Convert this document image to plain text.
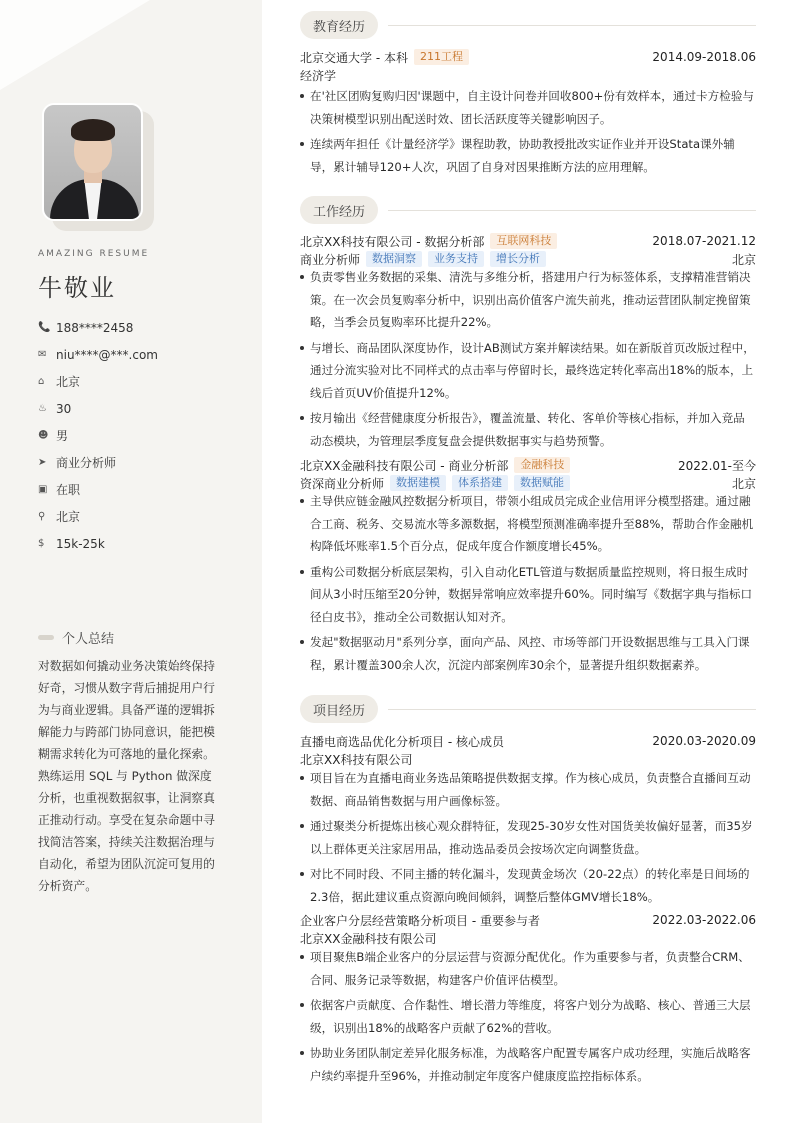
AMAZING RESUME
牛敬业
📞 188****2458
✉ niu****@***.com
⌂ 北京
♨ 30
☻ 男
➤ 商业分析师
▣ 在职
⚲ 北京
$ 15k-25k
个人总结
对数据如何撬动业务决策始终保持好奇，习惯从数字背后捕捉用户行为与商业逻辑。具备严谨的逻辑拆解能力与跨部门协同意识，能把模糊需求转化为可落地的量化探索。熟练运用 SQL 与 Python 做深度分析，也重视数据叙事，让洞察真正推动行动。享受在复杂命题中寻找简洁答案，持续关注数据治理与自动化，希望为团队沉淀可复用的分析资产。
教育经历
北京交通大学 - 本科	211工程	2014.09-2018.06
经济学
在'社区团购复购归因'课题中，自主设计问卷并回收800+份有效样本，通过卡方检验与决策树模型识别出配送时效、团长活跃度等关键影响因子。
连续两年担任《计量经济学》课程助教，协助教授批改实证作业并开设Stata课外辅导，累计辅导120+人次，巩固了自身对因果推断方法的应用理解。
工作经历
北京XX科技有限公司 - 数据分析部	互联网科技	2018.07-2021.12
商业分析师	数据洞察	业务支持	增长分析	北京
负责零售业务数据的采集、清洗与多维分析，搭建用户行为标签体系，支撑精准营销决策。在一次会员复购率分析中，识别出高价值客户流失前兆，推动运营团队制定挽留策略，当季会员复购率环比提升22%。
与增长、商品团队深度协作，设计AB测试方案并解读结果。如在新版首页改版过程中，通过分流实验对比不同样式的点击率与停留时长，最终选定转化率高出18%的版本，上线后首页UV价值提升12%。
按月输出《经营健康度分析报告》，覆盖流量、转化、客单价等核心指标，并加入竞品动态模块，为管理层季度复盘会提供数据事实与趋势预警。
北京XX金融科技有限公司 - 商业分析部	金融科技	2022.01-至今
资深商业分析师	数据建模	体系搭建	数据赋能	北京
主导供应链金融风控数据分析项目，带领小组成员完成企业信用评分模型搭建。通过融合工商、税务、交易流水等多源数据，将模型预测准确率提升至88%，帮助合作金融机构降低坏账率1.5个百分点，促成年度合作额度增长45%。
重构公司数据分析底层架构，引入自动化ETL管道与数据质量监控规则，将日报生成时间从3小时压缩至20分钟，数据异常响应效率提升60%。同时编写《数据字典与指标口径白皮书》，推动全公司数据认知对齐。
发起"数据驱动月"系列分享，面向产品、风控、市场等部门开设数据思维与工具入门课程，累计覆盖300余人次，沉淀内部案例库30余个，显著提升组织数据素养。
项目经历
直播电商选品优化分析项目 - 核心成员	2020.03-2020.09
北京XX科技有限公司
项目旨在为直播电商业务选品策略提供数据支撑。作为核心成员，负责整合直播间互动数据、商品销售数据与用户画像标签。
通过聚类分析提炼出核心观众群特征，发现25-30岁女性对国货美妆偏好显著，而35岁以上群体更关注家居用品，推动选品委员会按场次定向调整货盘。
对比不同时段、不同主播的转化漏斗，发现黄金场次（20-22点）的转化率是日间场的2.3倍，据此建议重点资源向晚间倾斜，调整后整体GMV增长18%。
企业客户分层经营策略分析项目 - 重要参与者	2022.03-2022.06
北京XX金融科技有限公司
项目聚焦B端企业客户的分层运营与资源分配优化。作为重要参与者，负责整合CRM、合同、服务记录等数据，构建客户价值评估模型。
依据客户贡献度、合作黏性、增长潜力等维度，将客户划分为战略、核心、普通三大层级，识别出18%的战略客户贡献了62%的营收。
协助业务团队制定差异化服务标准，为战略客户配置专属客户成功经理，实施后战略客户续约率提升至96%，并推动制定年度客户健康度监控指标体系。
